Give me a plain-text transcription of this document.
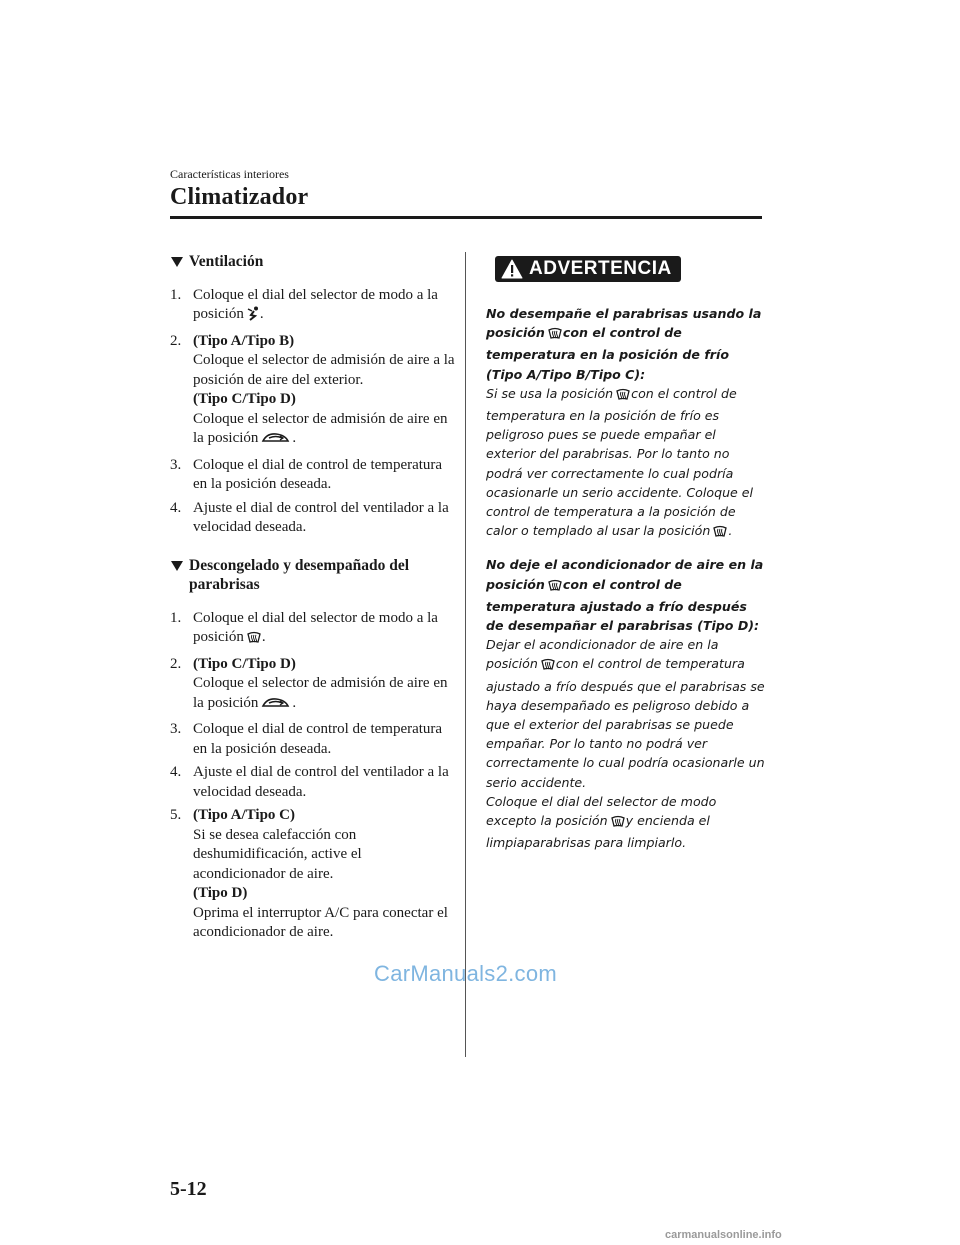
Características interiores
Climatizador
Ventilación
1. Coloque el dial del selector de modo a la posición .
2. (Tipo A/Tipo B)
Coloque el selector de admisión de aire a la posición de aire del exterior.
(Tipo C/Tipo D)
Coloque el selector de admisión de aire en la posición .
3. Coloque el dial de control de temperatura en la posición deseada.
4. Ajuste el dial de control del ventilador a la velocidad deseada.
Descongelado y desempañado del parabrisas
1. Coloque el dial del selector de modo a la posición .
2. (Tipo C/Tipo D)
Coloque el selector de admisión de aire en la posición .
3. Coloque el dial de control de temperatura en la posición deseada.
4. Ajuste el dial de control del ventilador a la velocidad deseada.
5. (Tipo A/Tipo C)
Si se desea calefacción con deshumidificación, active el acondicionador de aire.
(Tipo D)
Oprima el interruptor A/C para conectar el acondicionador de aire.
ADVERTENCIA
No desempañe el parabrisas usando la posición con el control de temperatura en la posición de frío (Tipo A/Tipo B/Tipo C):
Si se usa la posición con el control de temperatura en la posición de frío es peligroso pues se puede empañar el exterior del parabrisas. Por lo tanto no podrá ver correctamente lo cual podría ocasionarle un serio accidente. Coloque el control de temperatura a la posición de calor o templado al usar la posición .
No deje el acondicionador de aire en la posición con el control de temperatura ajustado a frío después de desempañar el parabrisas (Tipo D):
Dejar el acondicionador de aire en la posición con el control de temperatura ajustado a frío después que el parabrisas se haya desempañado es peligroso debido a que el exterior del parabrisas se puede empañar. Por lo tanto no podrá ver correctamente lo cual podría ocasionarle un serio accidente.
Coloque el dial del selector de modo excepto la posición y encienda el limpiaparabrisas para limpiarlo.
CarManuals2.com
5-12
carmanualsonline.info
